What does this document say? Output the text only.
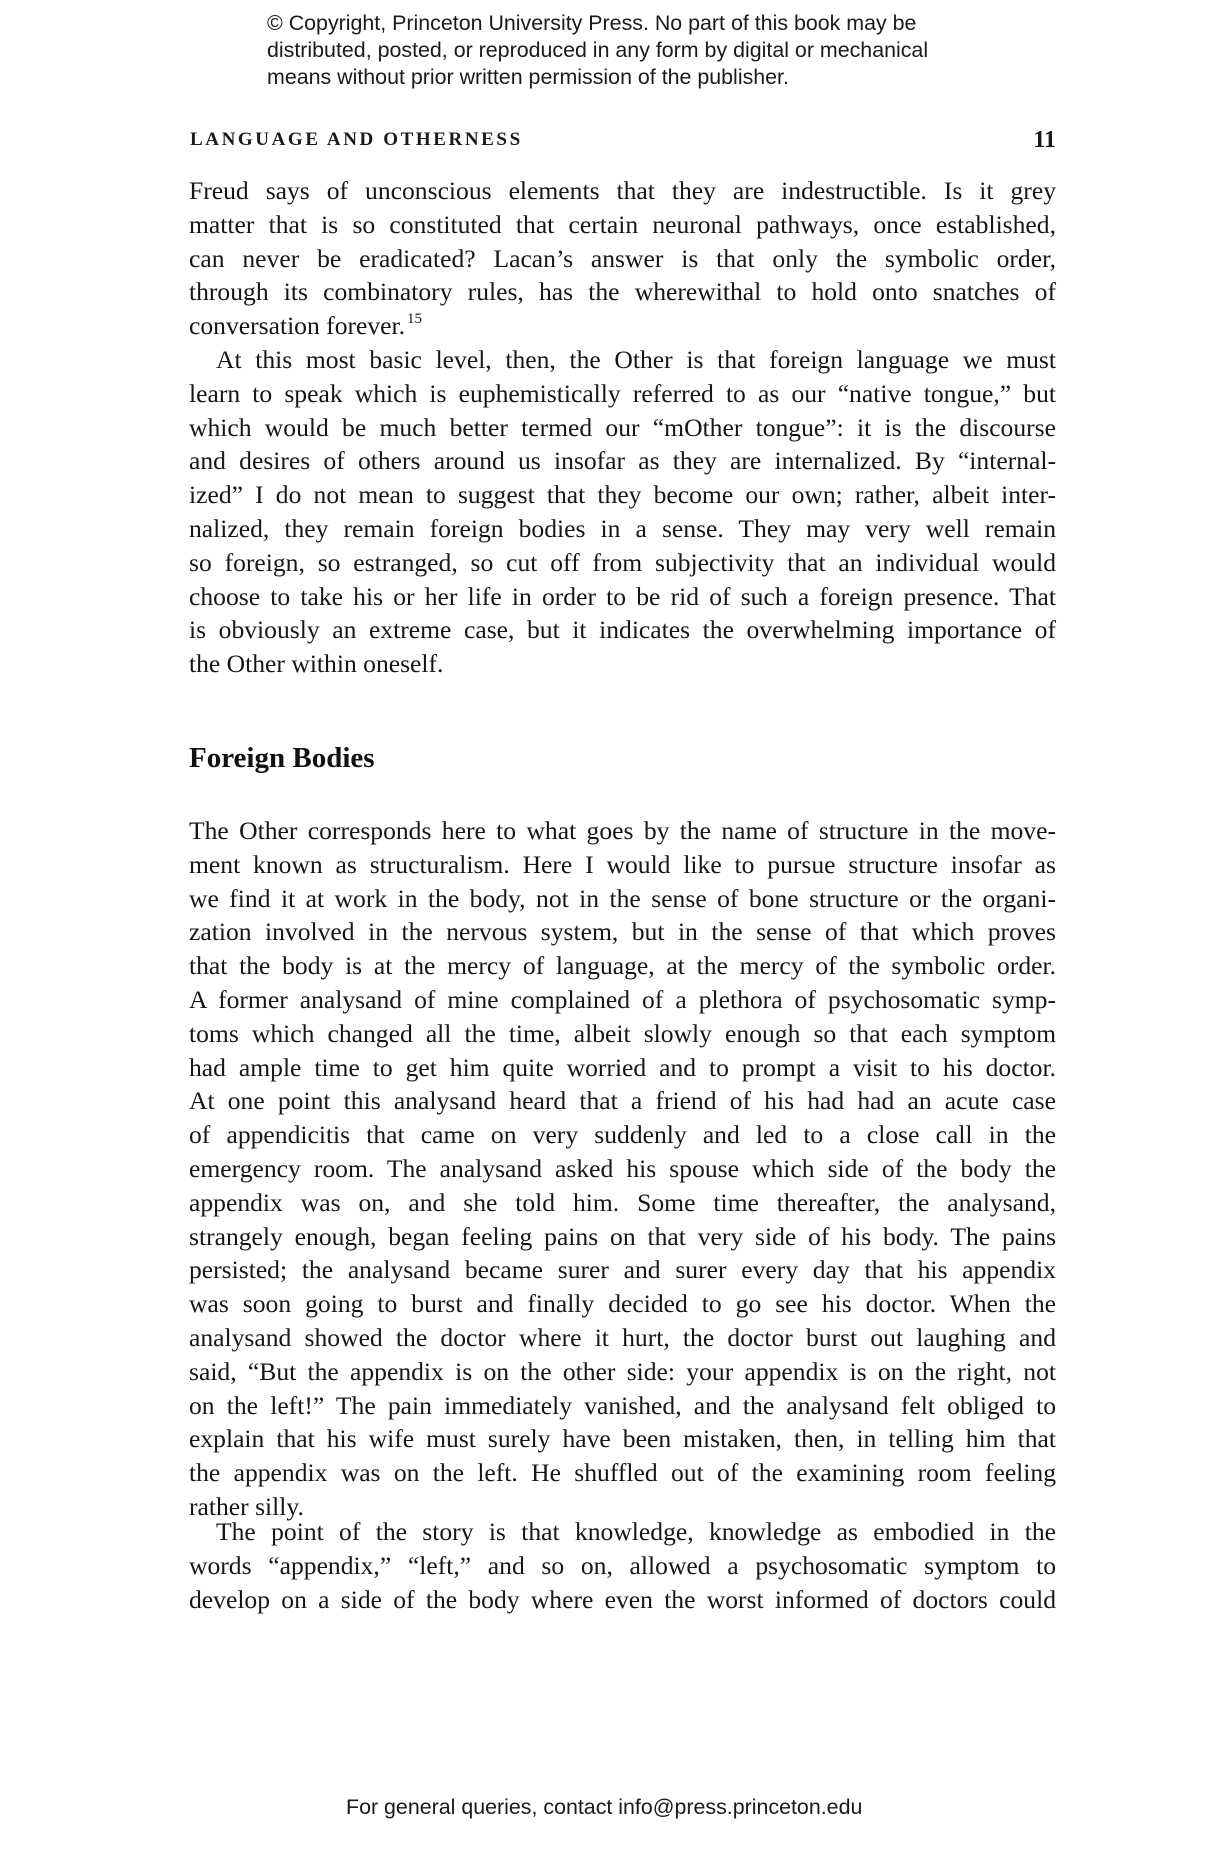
© Copyright, Princeton University Press. No part of this book may be
distributed, posted, or reproduced in any form by digital or mechanical
means without prior written permission of the publisher.
LANGUAGE AND OTHERNESS	11
Freud says of unconscious elements that they are indestructible. Is it grey
matter that is so constituted that certain neuronal pathways, once established,
can never be eradicated? Lacan’s answer is that only the symbolic order,
through its combinatory rules, has the wherewithal to hold onto snatches of
conversation forever. $^{15}$
At this most basic level, then, the Other is that foreign language we must
learn to speak which is euphemistically referred to as our “native tongue,” but
which would be much better termed our “mOther tongue”: it is the discourse
and desires of others around us insofar as they are internalized. By “internal-
ized” I do not mean to suggest that they become our own; rather, albeit inter-
nalized, they remain foreign bodies in a sense. They may very well remain
so foreign, so estranged, so cut off from subjectivity that an individual would
choose to take his or her life in order to be rid of such a foreign presence. That
is obviously an extreme case, but it indicates the overwhelming importance of
the Other within oneself.
Foreign Bodies
The Other corresponds here to what goes by the name of structure in the move-
ment known as structuralism. Here I would like to pursue structure insofar as
we find it at work in the body, not in the sense of bone structure or the organi-
zation involved in the nervous system, but in the sense of that which proves
that the body is at the mercy of language, at the mercy of the symbolic order.
A former analysand of mine complained of a plethora of psychosomatic symp-
toms which changed all the time, albeit slowly enough so that each symptom
had ample time to get him quite worried and to prompt a visit to his doctor.
At one point this analysand heard that a friend of his had had an acute case
of appendicitis that came on very suddenly and led to a close call in the
emergency room. The analysand asked his spouse which side of the body the
appendix was on, and she told him. Some time thereafter, the analysand,
strangely enough, began feeling pains on that very side of his body. The pains
persisted; the analysand became surer and surer every day that his appendix
was soon going to burst and finally decided to go see his doctor. When the
analysand showed the doctor where it hurt, the doctor burst out laughing and
said, “But the appendix is on the other side: your appendix is on the right, not
on the left!” The pain immediately vanished, and the analysand felt obliged to
explain that his wife must surely have been mistaken, then, in telling him that
the appendix was on the left. He shuffled out of the examining room feeling
rather silly.
The point of the story is that knowledge, knowledge as embodied in the
words “appendix,” “left,” and so on, allowed a psychosomatic symptom to
develop on a side of the body where even the worst informed of doctors could
For general queries, contact info@press.princeton.edu
